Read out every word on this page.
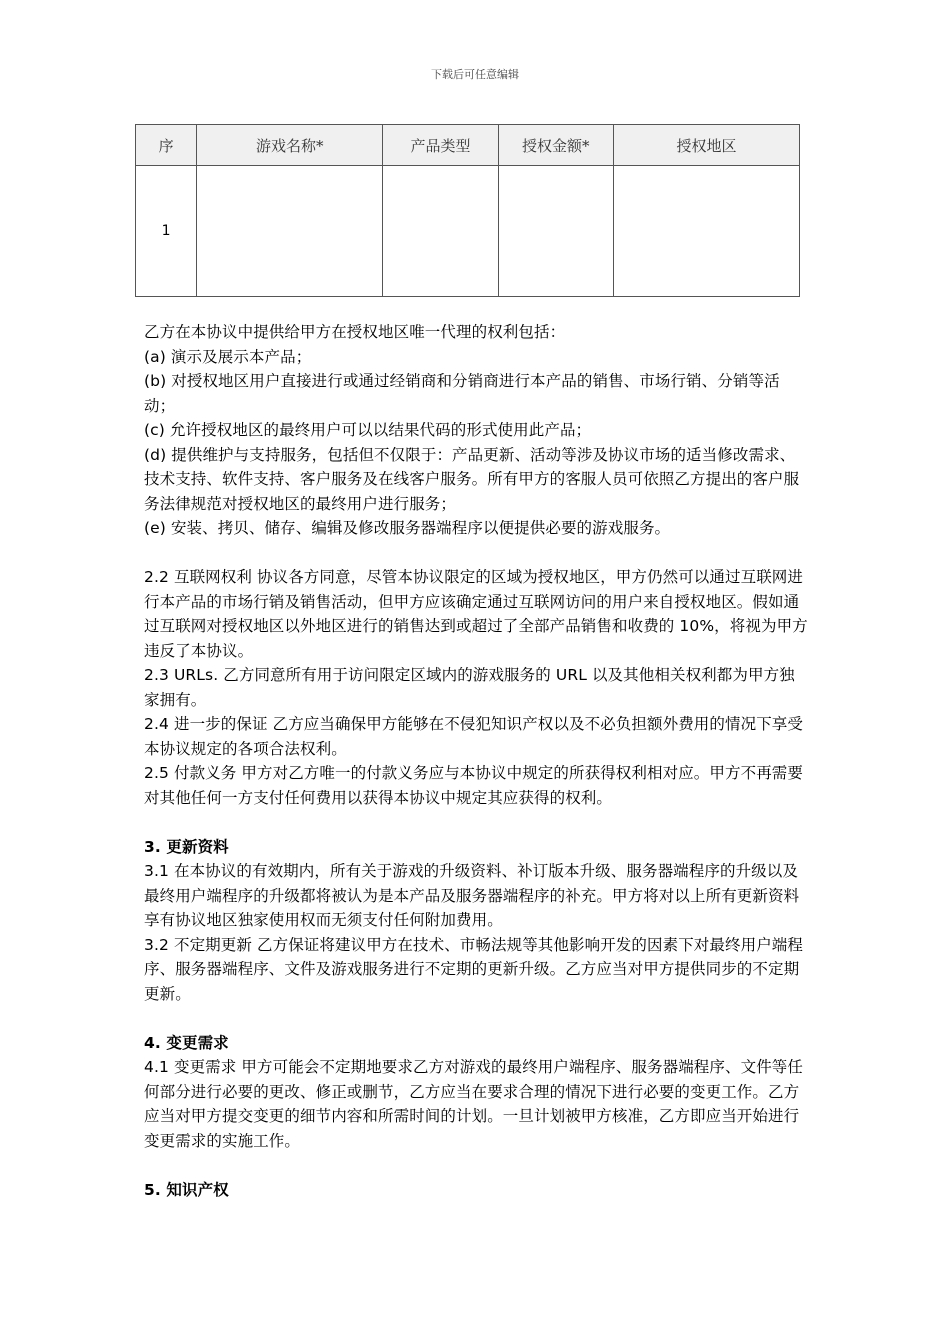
下载后可任意编辑
序	游戏名称*	产品类型	授权金额*	授权地区
1				

乙方在本协议中提供给甲方在授权地区唯一代理的权利包括：

(a) 演示及展示本产品；

(b) 对授权地区用户直接进行或通过经销商和分销商进行本产品的销售、市场行销、分销等活动；

(c) 允许授权地区的最终用户可以以结果代码的形式使用此产品；

(d) 提供维护与支持服务，包括但不仅限于：产品更新、活动等涉及协议市场的适当修改需求、技术支持、软件支持、客户服务及在线客户服务。所有甲方的客服人员可依照乙方提出的客户服务法律规范对授权地区的最终用户进行服务；

(e) 安装、拷贝、储存、编辑及修改服务器端程序以便提供必要的游戏服务。

2.2 互联网权利 协议各方同意，尽管本协议限定的区域为授权地区，甲方仍然可以通过互联网进行本产品的市场行销及销售活动，但甲方应该确定通过互联网访问的用户来自授权地区。假如通过互联网对授权地区以外地区进行的销售达到或超过了全部产品销售和收费的 10%，将视为甲方违反了本协议。

2.3 URLs. 乙方同意所有用于访问限定区域内的游戏服务的 URL 以及其他相关权利都为甲方独家拥有。

2.4 进一步的保证 乙方应当确保甲方能够在不侵犯知识产权以及不必负担额外费用的情况下享受本协议规定的各项合法权利。

2.5 付款义务 甲方对乙方唯一的付款义务应与本协议中规定的所获得权利相对应。甲方不再需要对其他任何一方支付任何费用以获得本协议中规定其应获得的权利。

3. 更新资料

3.1 在本协议的有效期内，所有关于游戏的升级资料、补订版本升级、服务器端程序的升级以及最终用户端程序的升级都将被认为是本产品及服务器端程序的补充。甲方将对以上所有更新资料享有协议地区独家使用权而无须支付任何附加费用。

3.2 不定期更新 乙方保证将建议甲方在技术、市畅法规等其他影响开发的因素下对最终用户端程序、服务器端程序、文件及游戏服务进行不定期的更新升级。乙方应当对甲方提供同步的不定期更新。

4. 变更需求

4.1 变更需求 甲方可能会不定期地要求乙方对游戏的最终用户端程序、服务器端程序、文件等任何部分进行必要的更改、修正或删节，乙方应当在要求合理的情况下进行必要的变更工作。乙方应当对甲方提交变更的细节内容和所需时间的计划。一旦计划被甲方核准，乙方即应当开始进行变更需求的实施工作。

5. 知识产权
